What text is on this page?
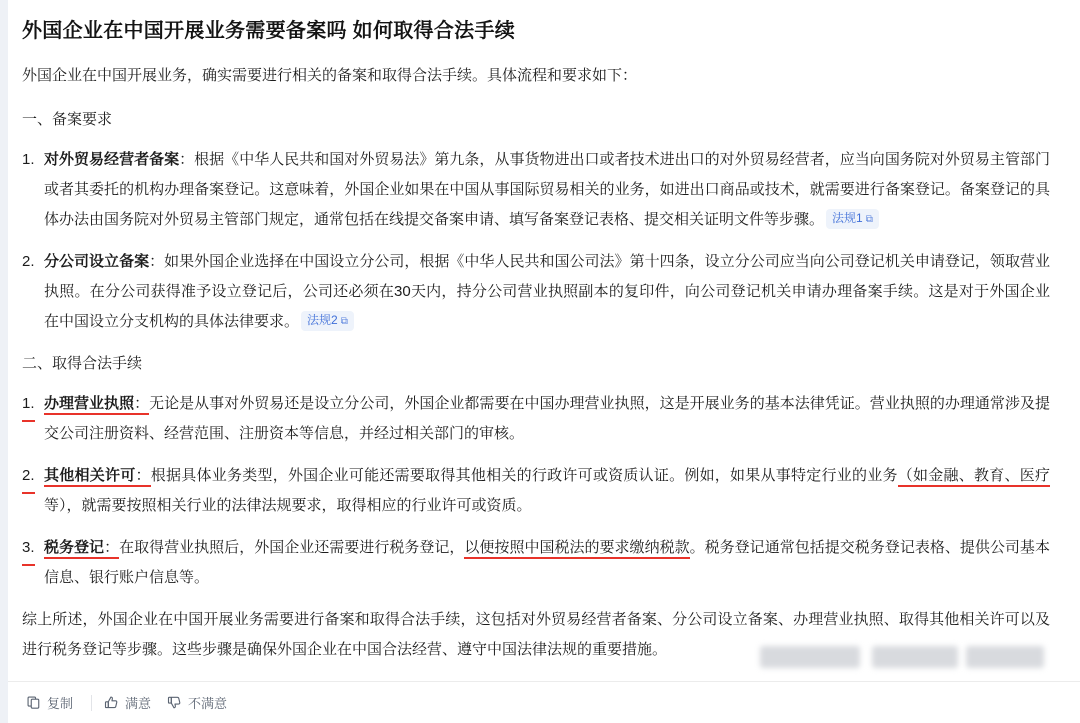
外国企业在中国开展业务需要备案吗 如何取得合法手续

外国企业在中国开展业务，确实需要进行相关的备案和取得合法手续。具体流程和要求如下：

一、备案要求
1. 对外贸易经营者备案：根据《中华人民共和国对外贸易法》第九条，从事货物进出口或者技术进出口的对外贸易经营者，应当向国务院对外贸易主管部门或者其委托的机构办理备案登记。这意味着，外国企业如果在中国从事国际贸易相关的业务，如进出口商品或技术，就需要进行备案登记。备案登记的具体办法由国务院对外贸易主管部门规定，通常包括在线提交备案申请、填写备案登记表格、提交相关证明文件等步骤。 法规1 ⧉
2. 分公司设立备案：如果外国企业选择在中国设立分公司，根据《中华人民共和国公司法》第十四条，设立分公司应当向公司登记机关申请登记，领取营业执照。在分公司获得准予设立登记后，公司还必须在30天内，持分公司营业执照副本的复印件，向公司登记机关申请办理备案手续。这是对于外国企业在中国设立分支机构的具体法律要求。 法规2 ⧉
二、取得合法手续
1. 办理营业执照：无论是从事对外贸易还是设立分公司，外国企业都需要在中国办理营业执照，这是开展业务的基本法律凭证。营业执照的办理通常涉及提交公司注册资料、经营范围、注册资本等信息，并经过相关部门的审核。
2. 其他相关许可：根据具体业务类型，外国企业可能还需要取得其他相关的行政许可或资质认证。例如，如果从事特定行业的业务（如金融、教育、医疗等），就需要按照相关行业的法律法规要求，取得相应的行业许可或资质。
3. 税务登记：在取得营业执照后，外国企业还需要进行税务登记，以便按照中国税法的要求缴纳税款。税务登记通常包括提交税务登记表格、提供公司基本信息、银行账户信息等。

综上所述，外国企业在中国开展业务需要进行备案和取得合法手续，这包括对外贸易经营者备案、分公司设立备案、办理营业执照、取得其他相关许可以及进行税务登记等步骤。这些步骤是确保外国企业在中国合法经营、遵守中国法律法规的重要措施。

复制	满意	不满意
